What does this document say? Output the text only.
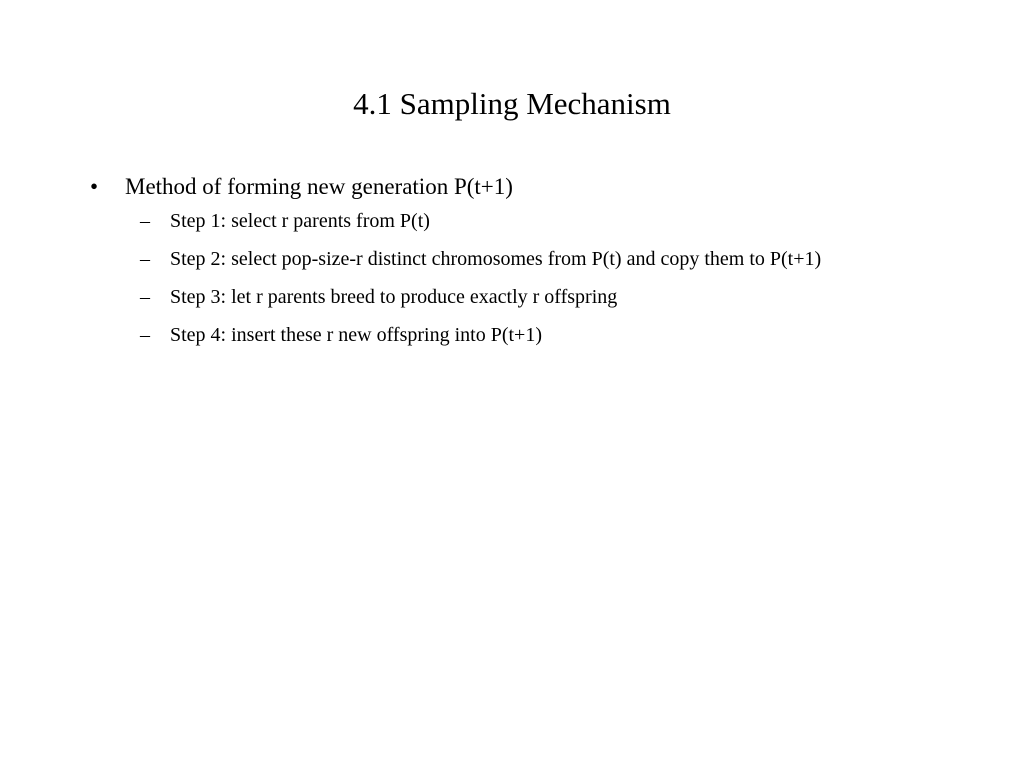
4.1 Sampling Mechanism
•	Method of forming new generation P(t+1)
–	Step 1: select r parents from P(t)
–	Step 2: select pop-size-r distinct chromosomes from P(t) and copy them to P(t+1)
–	Step 3: let r parents breed to produce exactly r offspring
–	Step 4: insert these r new offspring into P(t+1)
